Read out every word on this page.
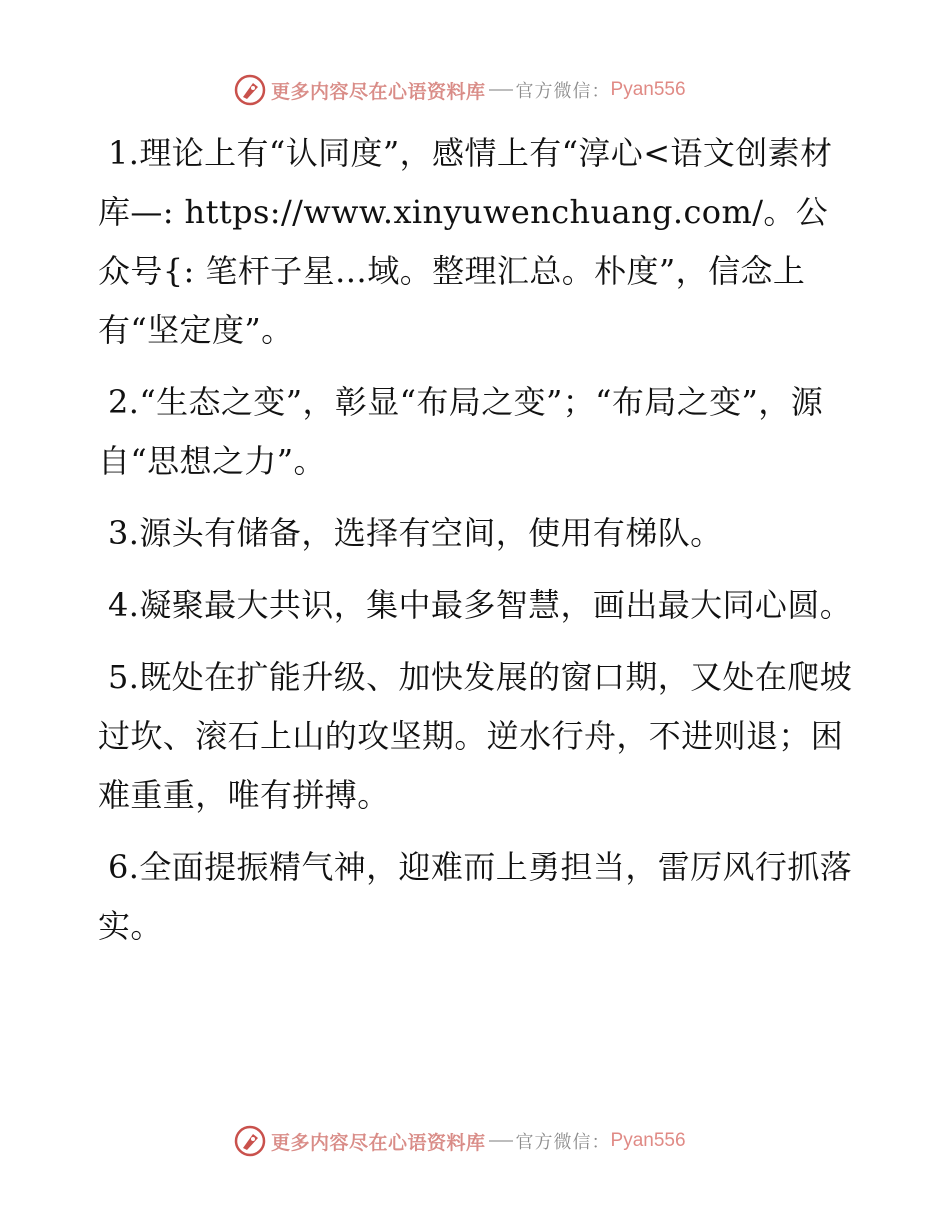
更多内容尽在心语资料库 官方微信： Pyan556

1.理论上有“认同度”，感情上有“淳心<语文创素材库—: https://www.xinyuwenchuang.com/。公众号{: 笔杆子星…域。整理汇总。朴度”，信念上有“坚定度”。

2.“生态之变”，彰显“布局之变”；“布局之变”，源自“思想之力”。

3.源头有储备，选择有空间，使用有梯队。

4.凝聚最大共识，集中最多智慧，画出最大同心圆。

5.既处在扩能升级、加快发展的窗口期，又处在爬坡过坎、滚石上山的攻坚期。逆水行舟，不进则退；困难重重，唯有拼搏。

6.全面提振精气神，迎难而上勇担当，雷厉风行抓落实。

更多内容尽在心语资料库 官方微信： Pyan556
